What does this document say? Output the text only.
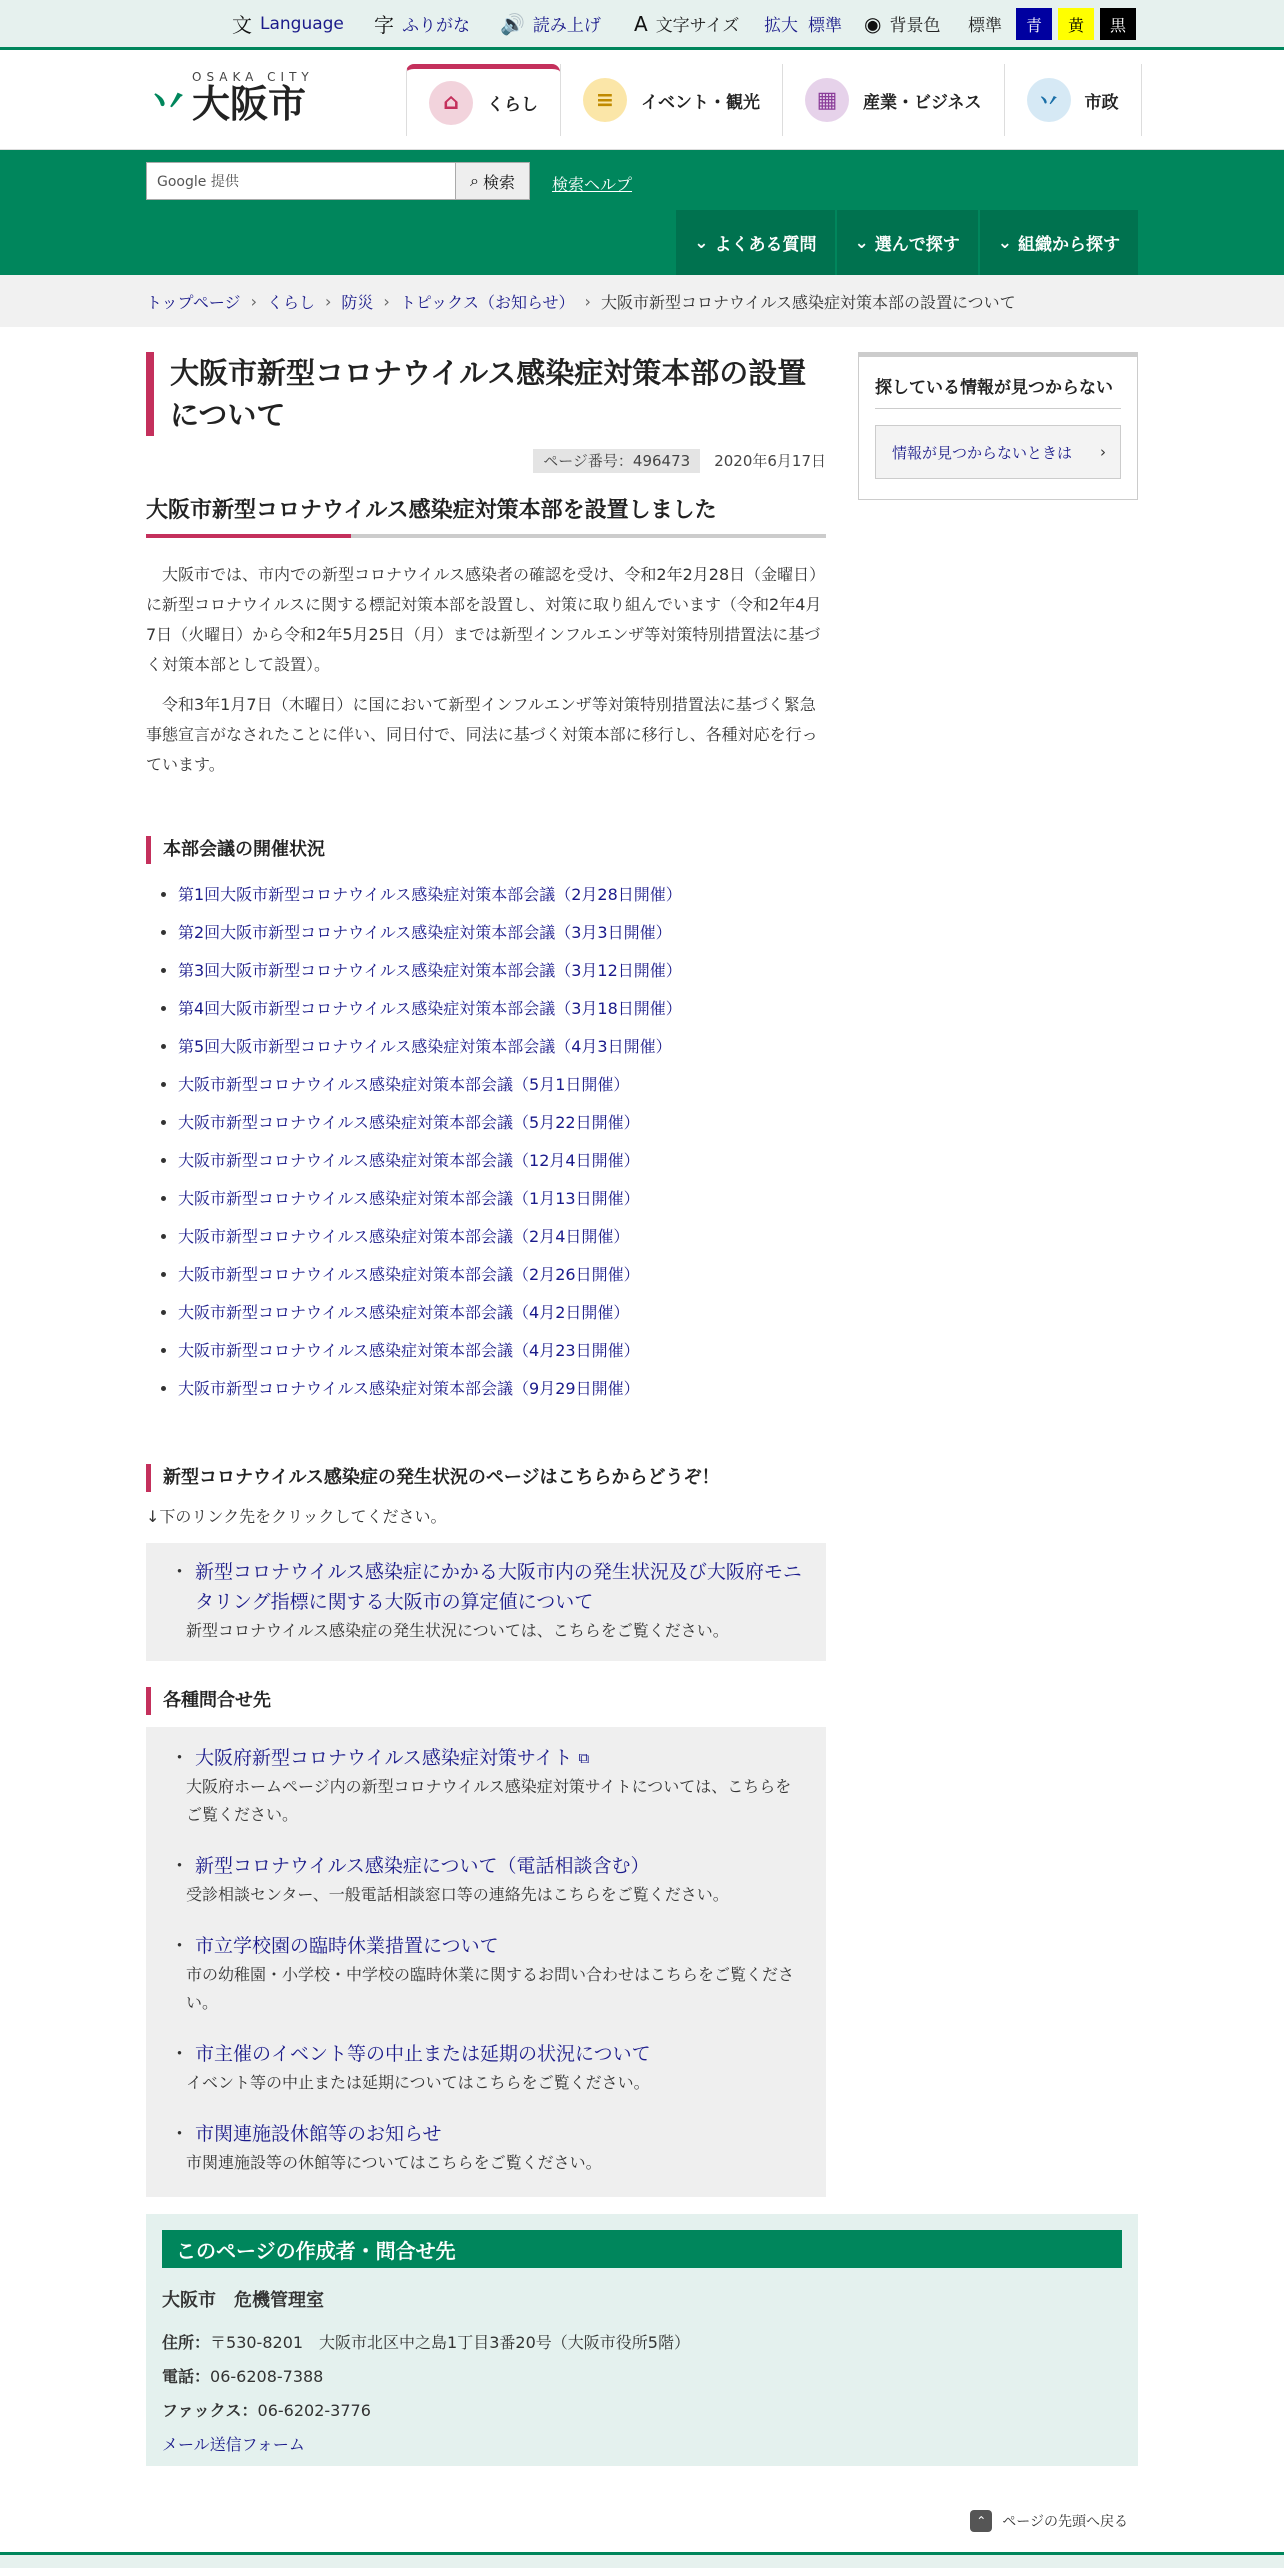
文 Language 字 ふりがな 🔊 読み上げ A 文字サイズ 拡大 標準 ◉ 背景色 標準	青	黄	黒
丷
OSAKA CITY
大阪市	⌂	くらし	≡	イベント・観光	▦	産業・ビジネス	丷	市政
Google 提供	⌕ 検索 検索ヘルプ
⌄ よくある質問 ⌄ 選んで探す ⌄ 組織から探す
トップページ › くらし › 防災 › トピックス（お知らせ） › 大阪市新型コロナウイルス感染症対策本部の設置について
大阪市新型コロナウイルス感染症対策本部の設置について
ページ番号：496473 2020年6月17日
大阪市新型コロナウイルス感染症対策本部を設置しました

大阪市では、市内での新型コロナウイルス感染者の確認を受け、令和2年2月28日（金曜日）に新型コロナウイルスに関する標記対策本部を設置し、対策に取り組んでいます（令和2年4月7日（火曜日）から令和2年5月25日（月）までは新型インフルエンザ等対策特別措置法に基づく対策本部として設置）。

令和3年1月7日（木曜日）に国において新型インフルエンザ等対策特別措置法に基づく緊急事態宣言がなされたことに伴い、同日付で、同法に基づく対策本部に移行し、各種対応を行っています。

本部会議の開催状況
• 第1回大阪市新型コロナウイルス感染症対策本部会議（2月28日開催）
• 第2回大阪市新型コロナウイルス感染症対策本部会議（3月3日開催）
• 第3回大阪市新型コロナウイルス感染症対策本部会議（3月12日開催）
• 第4回大阪市新型コロナウイルス感染症対策本部会議（3月18日開催）
• 第5回大阪市新型コロナウイルス感染症対策本部会議（4月3日開催）
• 大阪市新型コロナウイルス感染症対策本部会議（5月1日開催）
• 大阪市新型コロナウイルス感染症対策本部会議（5月22日開催）
• 大阪市新型コロナウイルス感染症対策本部会議（12月4日開催）
• 大阪市新型コロナウイルス感染症対策本部会議（1月13日開催）
• 大阪市新型コロナウイルス感染症対策本部会議（2月4日開催）
• 大阪市新型コロナウイルス感染症対策本部会議（2月26日開催）
• 大阪市新型コロナウイルス感染症対策本部会議（4月2日開催）
• 大阪市新型コロナウイルス感染症対策本部会議（4月23日開催）
• 大阪市新型コロナウイルス感染症対策本部会議（9月29日開催）
新型コロナウイルス感染症の発生状況のページはこちらからどうぞ！

↓下のリンク先をクリックしてください。

・ 新型コロナウイルス感染症にかかる大阪市内の発生状況及び大阪府モニタリング指標に関する大阪市の算定値について
新型コロナウイルス感染症の発生状況については、こちらをご覧ください。
各種問合せ先
・ 大阪府新型コロナウイルス感染症対策サイト ⧉
大阪府ホームページ内の新型コロナウイルス感染症対策サイトについては、こちらをご覧ください。
・ 新型コロナウイルス感染症について（電話相談含む）
受診相談センター、一般電話相談窓口等の連絡先はこちらをご覧ください。
・ 市立学校園の臨時休業措置について
市の幼稚園・小学校・中学校の臨時休業に関するお問い合わせはこちらをご覧ください。
・ 市主催のイベント等の中止または延期の状況について
イベント等の中止または延期についてはこちらをご覧ください。
・ 市関連施設休館等のお知らせ
市関連施設等の休館等についてはこちらをご覧ください。
探している情報が見つからない
情報が見つからないときは ›
このページの作成者・問合せ先
大阪市　危機管理室
住所：〒530-8201　大阪市北区中之島1丁目3番20号（大阪市役所5階）
電話：06-6208-7388
ファックス：06-6202-3776
メール送信フォーム
⌃	ページの先頭へ戻る
